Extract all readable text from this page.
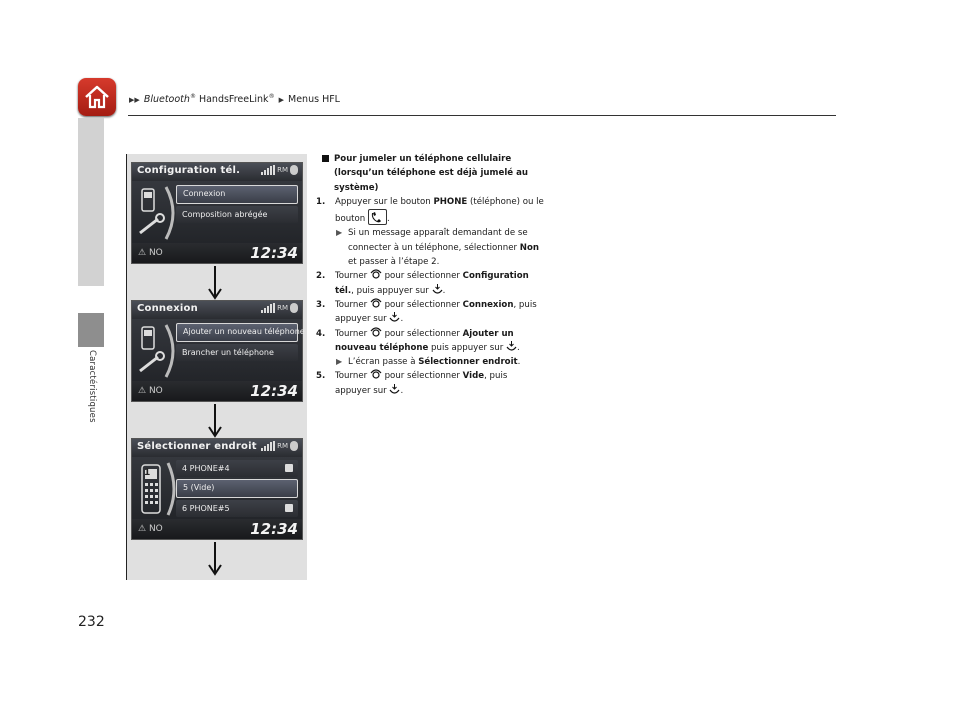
▶▶ Bluetooth® HandsFreeLink® ▶ Menus HFL
Caractéristiques
232
Configuration tél.	RM
Connexion
Composition abrégée
⚠ NO	12:34
Connexion	RM
Ajouter un nouveau téléphone
Brancher un téléphone
⚠ NO	12:34
Sélectionner endroit	RM
1	4 PHONE#4
5 (Vide)
6 PHONE#5
⚠ NO	12:34
Pour jumeler un téléphone cellulaire
(lorsqu’un téléphone est déjà jumelé au
système)
1. Appuyer sur le bouton PHONE (téléphone) ou le
bouton .
▶ Si un message apparaît demandant de se
connecter à un téléphone, sélectionner Non
et passer à l’étape 2.
2. Tourner  pour sélectionner Configuration
tél., puis appuyer sur .
3. Tourner  pour sélectionner Connexion, puis
appuyer sur .
4. Tourner  pour sélectionner Ajouter un
nouveau téléphone puis appuyer sur .
▶ L’écran passe à Sélectionner endroit.
5. Tourner  pour sélectionner Vide, puis
appuyer sur .
